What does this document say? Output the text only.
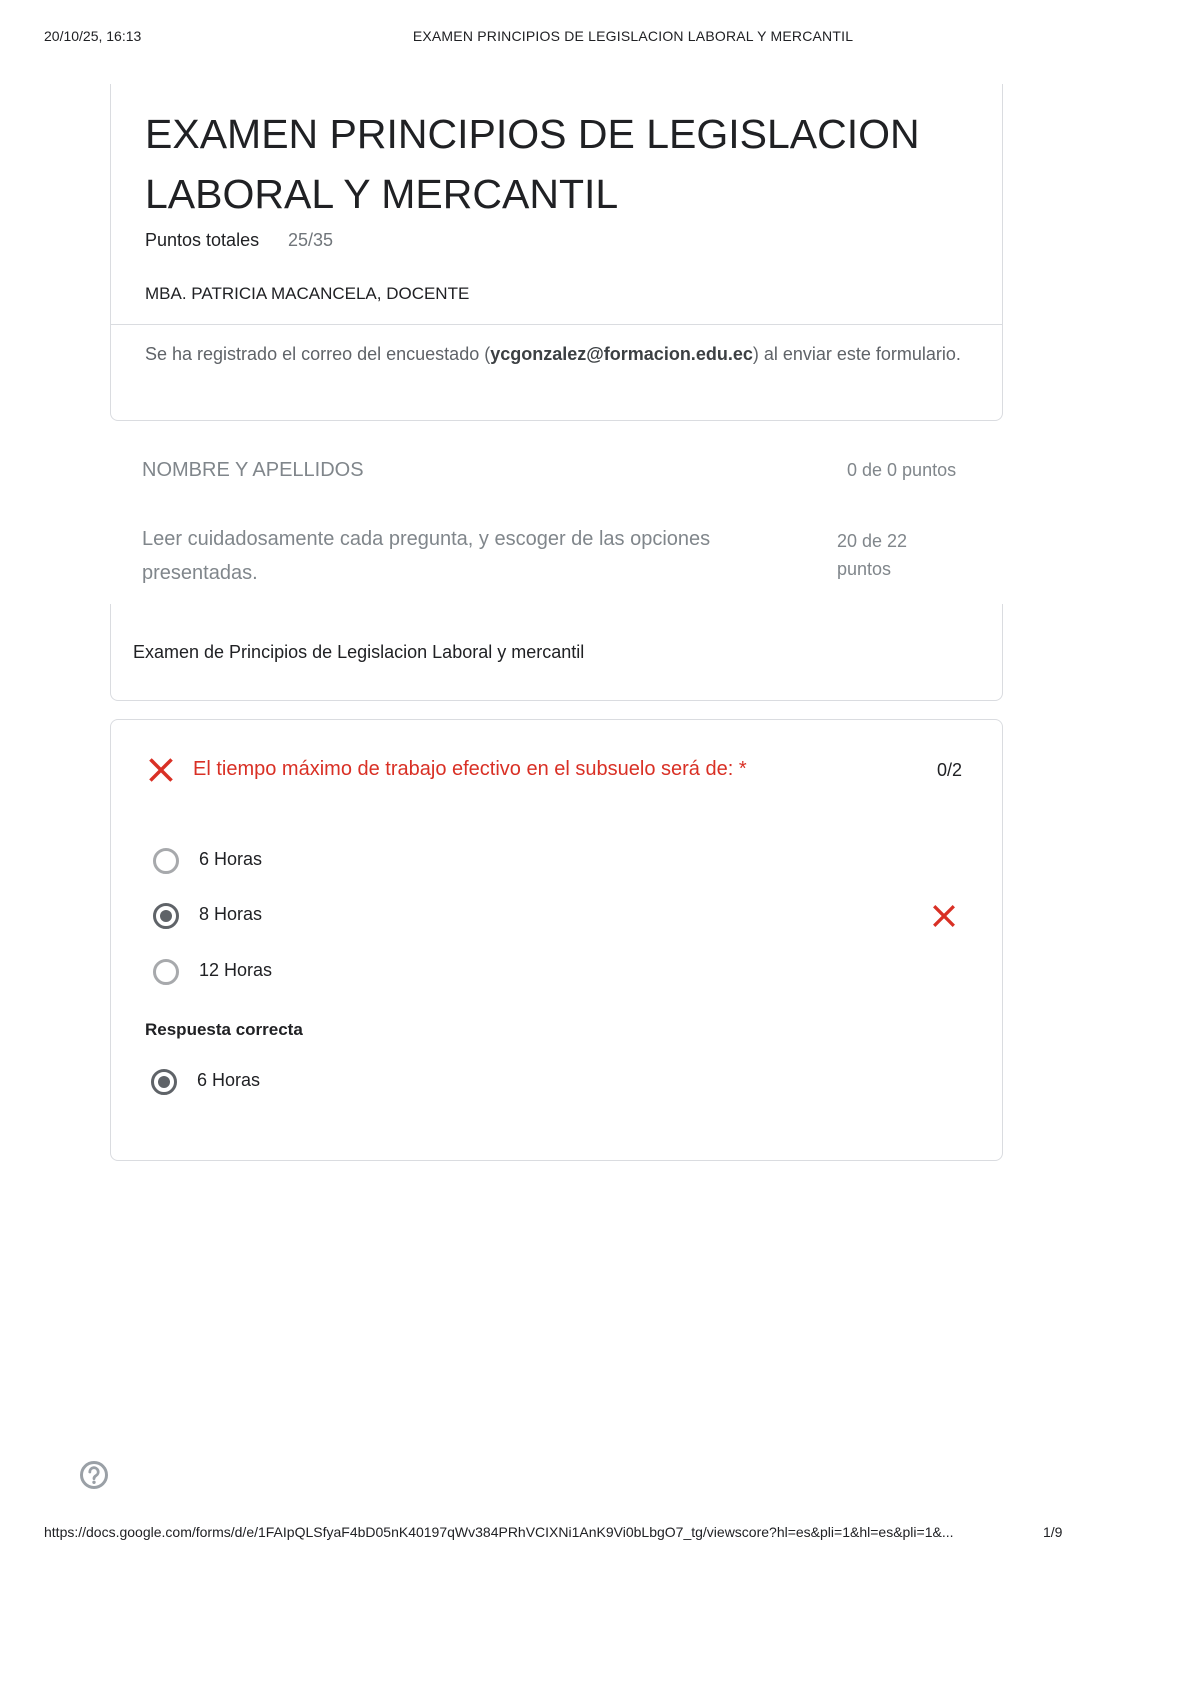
20/10/25, 16:13	EXAMEN PRINCIPIOS DE LEGISLACION LABORAL Y MERCANTIL
EXAMEN PRINCIPIOS DE LEGISLACION LABORAL Y MERCANTIL
Puntos totales 25/35
MBA. PATRICIA MACANCELA, DOCENTE
Se ha registrado el correo del encuestado (ycgonzalez@formacion.edu.ec) al enviar este formulario.
NOMBRE Y APELLIDOS	0 de 0 puntos
Leer cuidadosamente cada pregunta, y escoger de las opciones presentadas.
20 de 22 puntos
Examen de Principios de Legislacion Laboral y mercantil
El tiempo máximo de trabajo efectivo en el subsuelo será de: *	0/2
6 Horas
8 Horas
12 Horas
Respuesta correcta
6 Horas
https://docs.google.com/forms/d/e/1FAIpQLSfyaF4bD05nK40197qWv384PRhVCIXNi1AnK9Vi0bLbgO7_tg/viewscore?hl=es&pli=1&hl=es&pli=1&...	1/9
